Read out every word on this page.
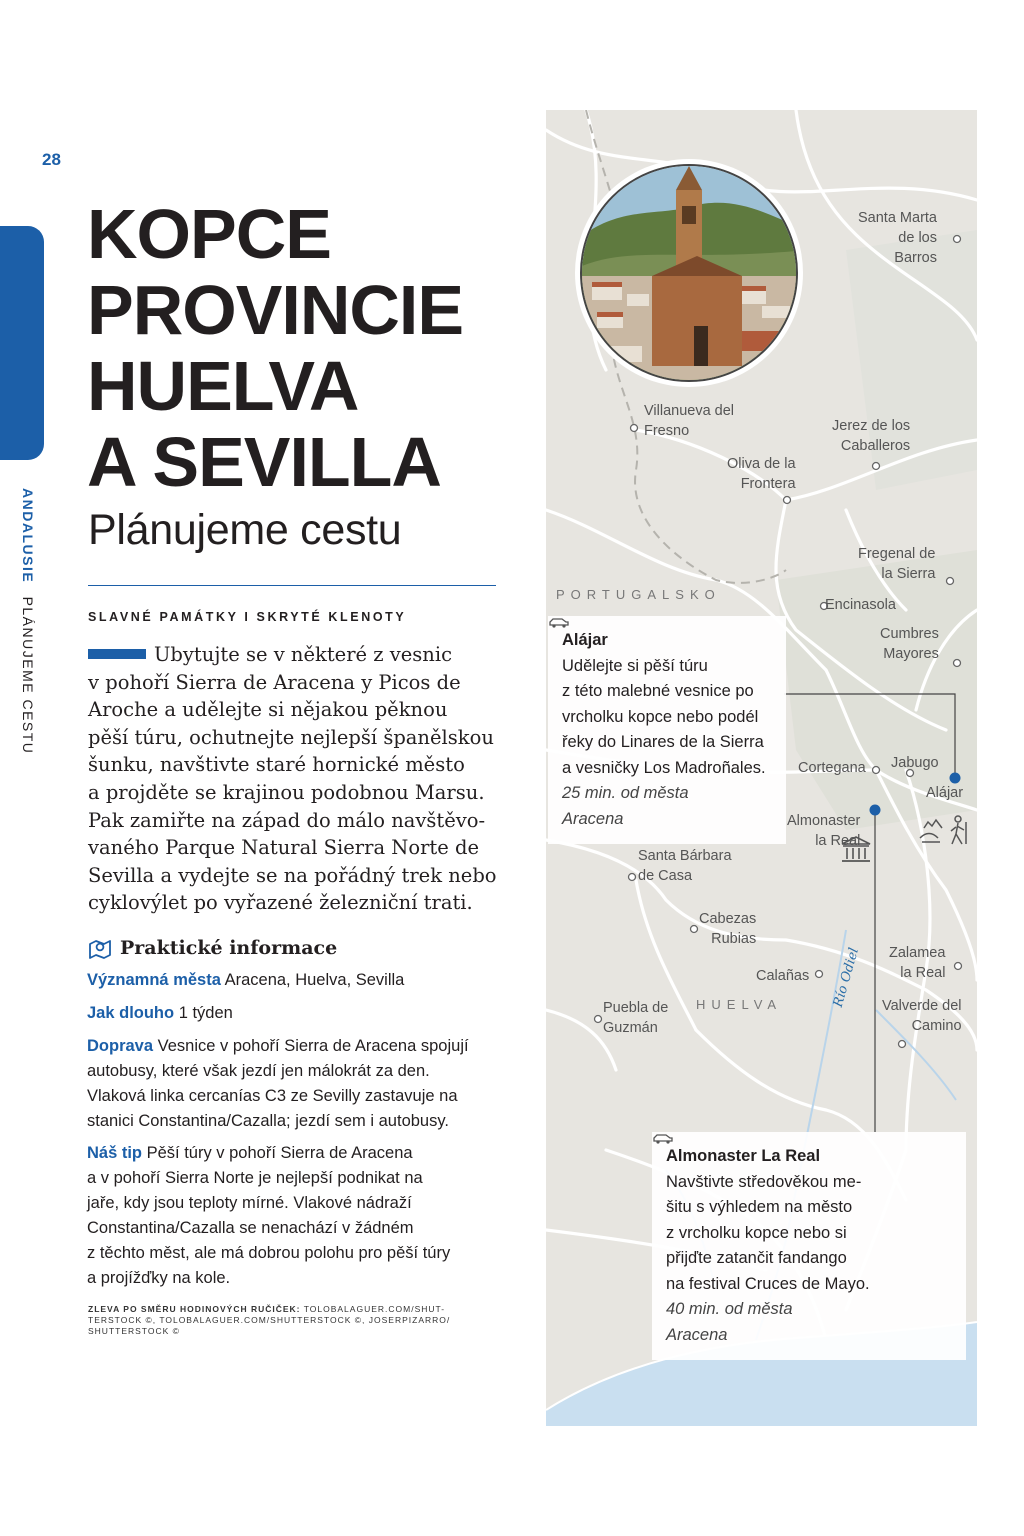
28
ANDALUSIE PLÁNUJEME CESTU
KOPCE
PROVINCIE
HUELVA
A SEVILLA
Plánujeme cestu
SLAVNÉ PAMÁTKY I SKRYTÉ KLENOTY
Ubytujte se v některé z vesnic
v pohoří Sierra de Aracena y Picos de
Aroche a udělejte si nějakou pěknou
pěší túru, ochutnejte nejlepší španělskou
šunku, navštivte staré hornické město
a projděte se krajinou podobnou Marsu.
Pak zamiřte na západ do málo navštěvo-
vaného Parque Natural Sierra Norte de
Sevilla a vydejte se na pořádný trek nebo
cyklovýlet po vyřazené železniční trati.
Praktické informace
Významná města Aracena, Huelva, Sevilla
Jak dlouho 1 týden
Doprava Vesnice v pohoří Sierra de Aracena spojují
autobusy, které však jezdí jen málokrát za den.
Vlaková linka cercanías C3 ze Sevilly zastavuje na
stanici Constantina/Cazalla; jezdí sem i autobusy.
Náš tip Pěší túry v pohoří Sierra de Aracena
a v pohoří Sierra Norte je nejlepší podnikat na
jaře, kdy jsou teploty mírné. Vlakové nádraží
Constantina/Cazalla se nenachází v žádném
z těchto měst, ale má dobrou polohu pro pěší túry
a projížďky na kole.
ZLEVA PO SMĚRU HODINOVÝCH RUČIČEK: TOLOBALAGUER.COM/SHUT- TERSTOCK ©, TOLOBALAGUER.COM/SHUTTERSTOCK ©, JOSERPIZARRO/ SHUTTERSTOCK ©
PORTUGALSKO
HUELVA	Río Odiel
Santa Marta
de los
Barros
Villanueva del
Fresno	Jerez de los
Caballeros
Oliva de la
Frontera
Fregenal de
la Sierra
Encinasola
Cumbres
Mayores
Cortegana Jabugo
Alájar
Almonaster
la Real
Santa Bárbara
de Casa
Cabezas
Rubias
Zalamea
la Real
Calañas
Puebla de
Guzmán
Valverde del
Camino
Alájar
Udělejte si pěší túru
z této malebné vesnice po
vrcholku kopce nebo podél
řeky do Linares de la Sierra
a vesničky Los Madroñales.
25 min. od města
Aracena
Almonaster La Real
Navštivte středověkou me-
šitu s výhledem na město
z vrcholku kopce nebo si
přijďte zatančit fandango
na festival Cruces de Mayo.
40 min. od města
Aracena
